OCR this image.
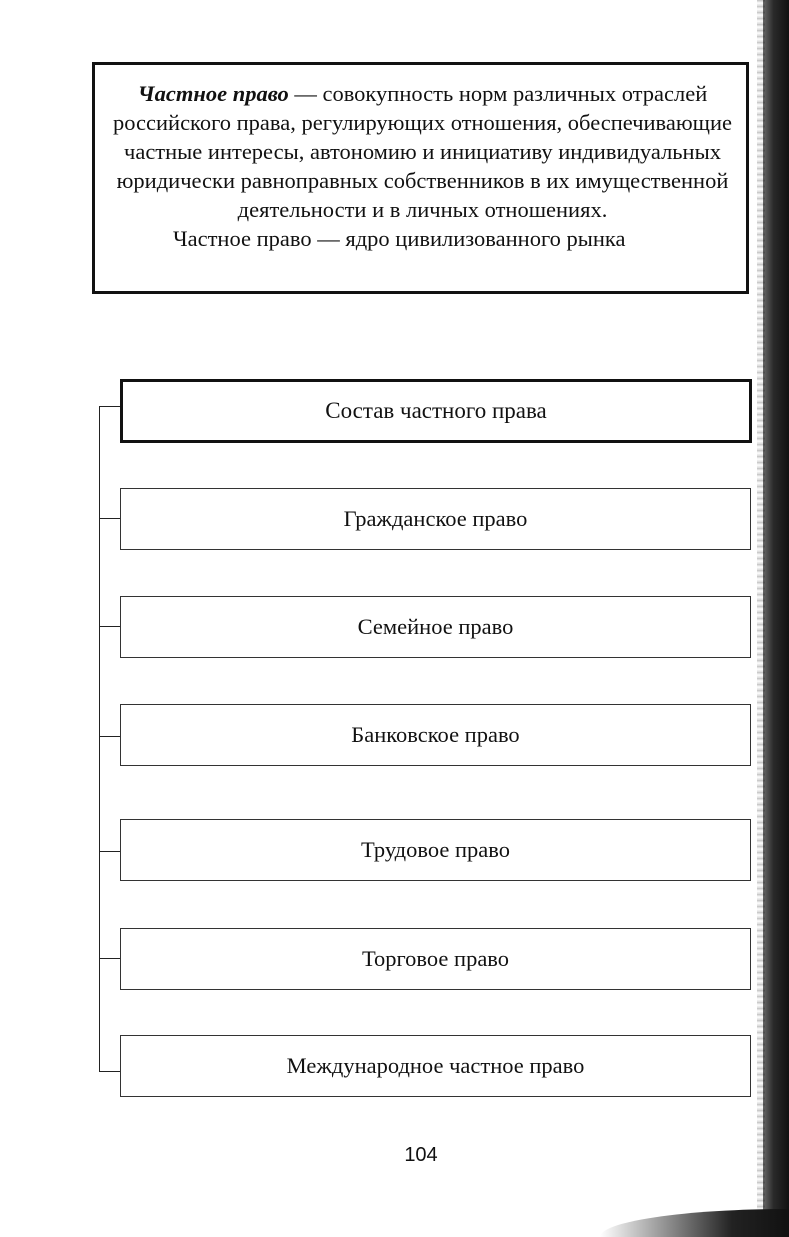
Частное право — совокупность норм различных отраслей российского права, регулирующих отношения, обеспечивающие частные интересы, автономию и инициативу индивидуальных юридически равноправных собственников в их имущественной деятельности и в личных отношениях.
Частное право — ядро цивилизованного рынка
Состав частного права
Гражданское право
Семейное право
Банковское право
Трудовое право
Торговое право
Международное частное право
104
